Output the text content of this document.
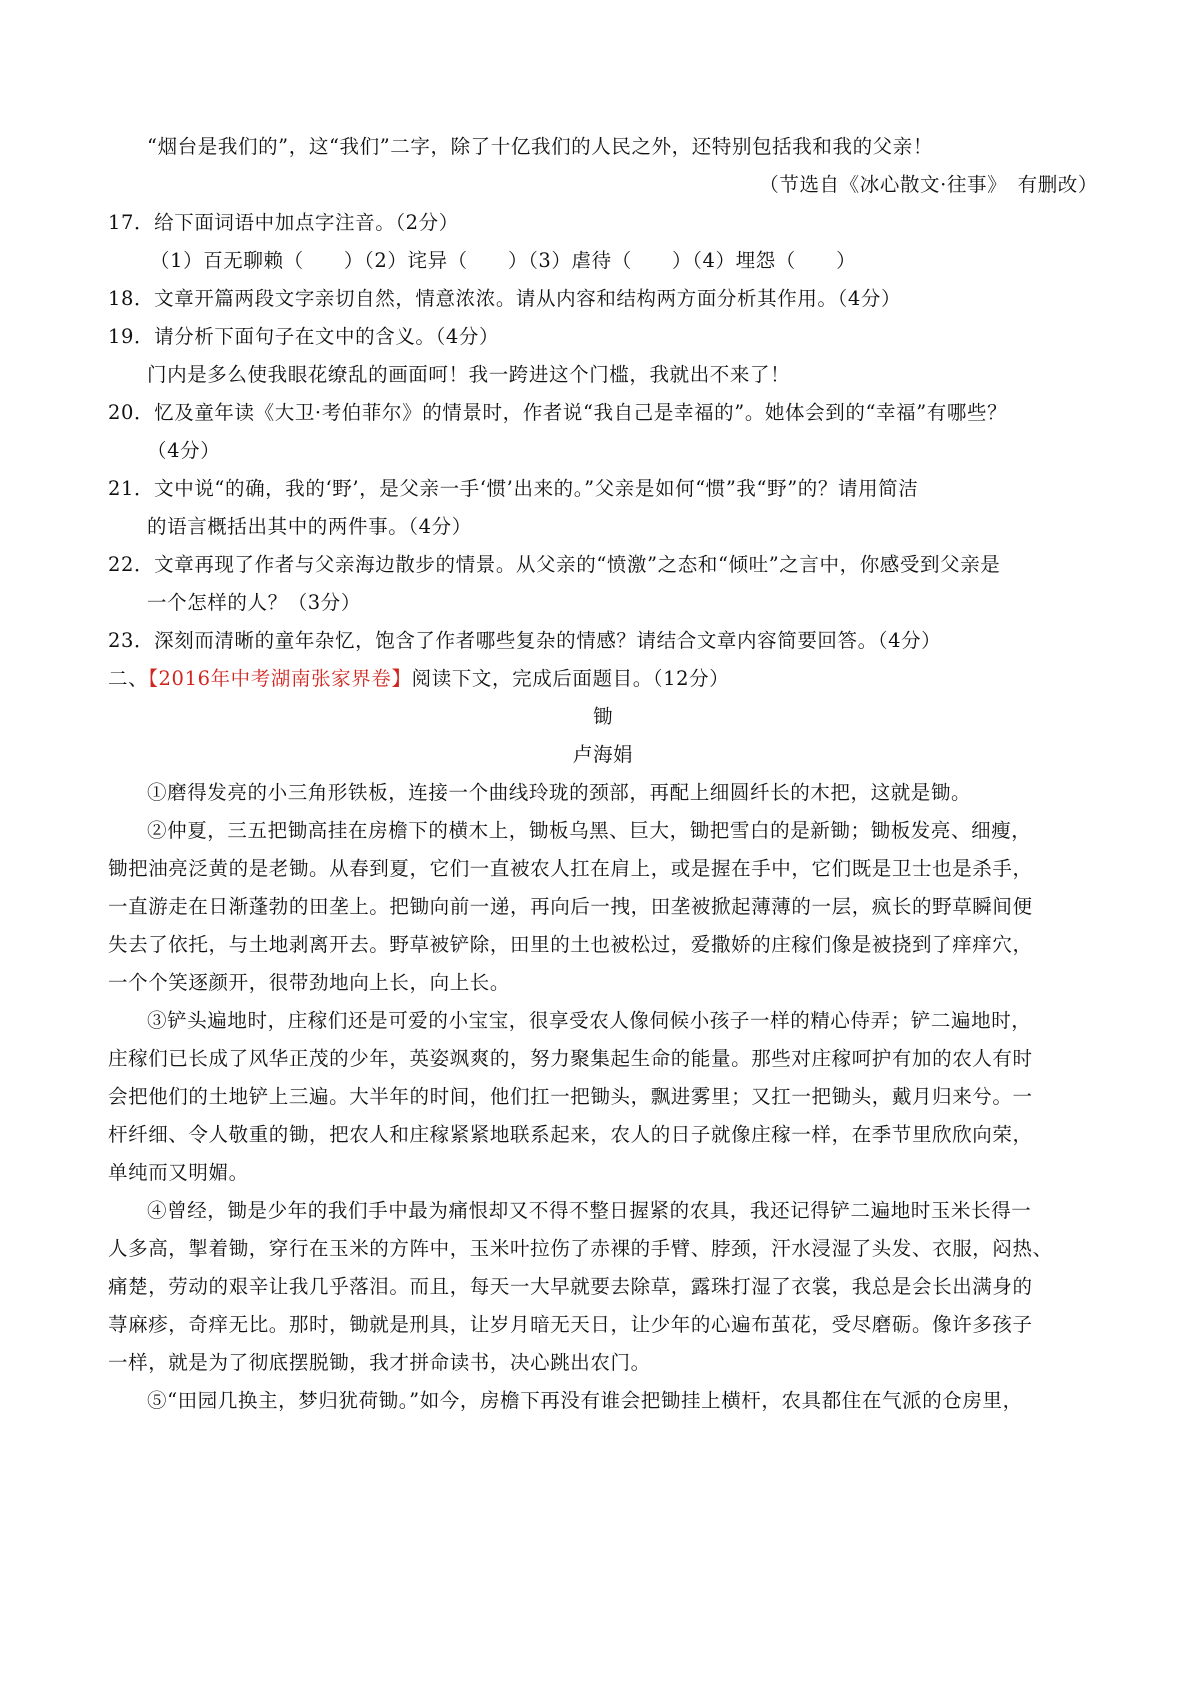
“烟台是我们的”，这“我们”二字，除了十亿我们的人民之外，还特别包括我和我的父亲！
（节选自《冰心散文·往事》　有删改）
17．给下面词语中加点字注音。（2分）
（1）百无聊赖（　　）（2）诧异（　　）（3）虐待（　　）（4）埋怨（　　）
18．文章开篇两段文字亲切自然，情意浓浓。请从内容和结构两方面分析其作用。（4分）
19．请分析下面句子在文中的含义。（4分）
门内是多么使我眼花缭乱的画面呵！我一跨进这个门槛，我就出不来了！
20．忆及童年读《大卫·考伯菲尔》的情景时，作者说“我自己是幸福的”。她体会到的“幸福”有哪些？
（4分）
21．文中说“的确，我的‘野’，是父亲一手‘惯’出来的。”父亲是如何“惯”我“野”的？请用简洁
的语言概括出其中的两件事。（4分）
22．文章再现了作者与父亲海边散步的情景。从父亲的“愤激”之态和“倾吐”之言中，你感受到父亲是
一个怎样的人？（3分）
23．深刻而清晰的童年杂忆，饱含了作者哪些复杂的情感？请结合文章内容简要回答。（4分）
二、【2016年中考湖南张家界卷】阅读下文，完成后面题目。（12分）
锄
卢海娟
①磨得发亮的小三角形铁板，连接一个曲线玲珑的颈部，再配上细圆纤长的木把，这就是锄。
②仲夏，三五把锄高挂在房檐下的横木上，锄板乌黑、巨大，锄把雪白的是新锄；锄板发亮、细瘦，
锄把油亮泛黄的是老锄。从春到夏，它们一直被农人扛在肩上，或是握在手中，它们既是卫士也是杀手，
一直游走在日渐蓬勃的田垄上。把锄向前一递，再向后一拽，田垄被掀起薄薄的一层，疯长的野草瞬间便
失去了依托，与土地剥离开去。野草被铲除，田里的土也被松过，爱撒娇的庄稼们像是被挠到了痒痒穴，
一个个笑逐颜开，很带劲地向上长，向上长。
③铲头遍地时，庄稼们还是可爱的小宝宝，很享受农人像伺候小孩子一样的精心侍弄；铲二遍地时，
庄稼们已长成了风华正茂的少年，英姿飒爽的，努力聚集起生命的能量。那些对庄稼呵护有加的农人有时
会把他们的土地铲上三遍。大半年的时间，他们扛一把锄头，飘进雾里；又扛一把锄头，戴月归来兮。一
杆纤细、令人敬重的锄，把农人和庄稼紧紧地联系起来，农人的日子就像庄稼一样，在季节里欣欣向荣，
单纯而又明媚。
④曾经，锄是少年的我们手中最为痛恨却又不得不整日握紧的农具，我还记得铲二遍地时玉米长得一
人多高，掣着锄，穿行在玉米的方阵中，玉米叶拉伤了赤裸的手臂、脖颈，汗水浸湿了头发、衣服，闷热、
痛楚，劳动的艰辛让我几乎落泪。而且，每天一大早就要去除草，露珠打湿了衣裳，我总是会长出满身的
荨麻疹，奇痒无比。那时，锄就是刑具，让岁月暗无天日，让少年的心遍布茧花，受尽磨砺。像许多孩子
一样，就是为了彻底摆脱锄，我才拼命读书，决心跳出农门。
⑤“田园几换主，梦归犹荷锄。”如今，房檐下再没有谁会把锄挂上横杆，农具都住在气派的仓房里，
